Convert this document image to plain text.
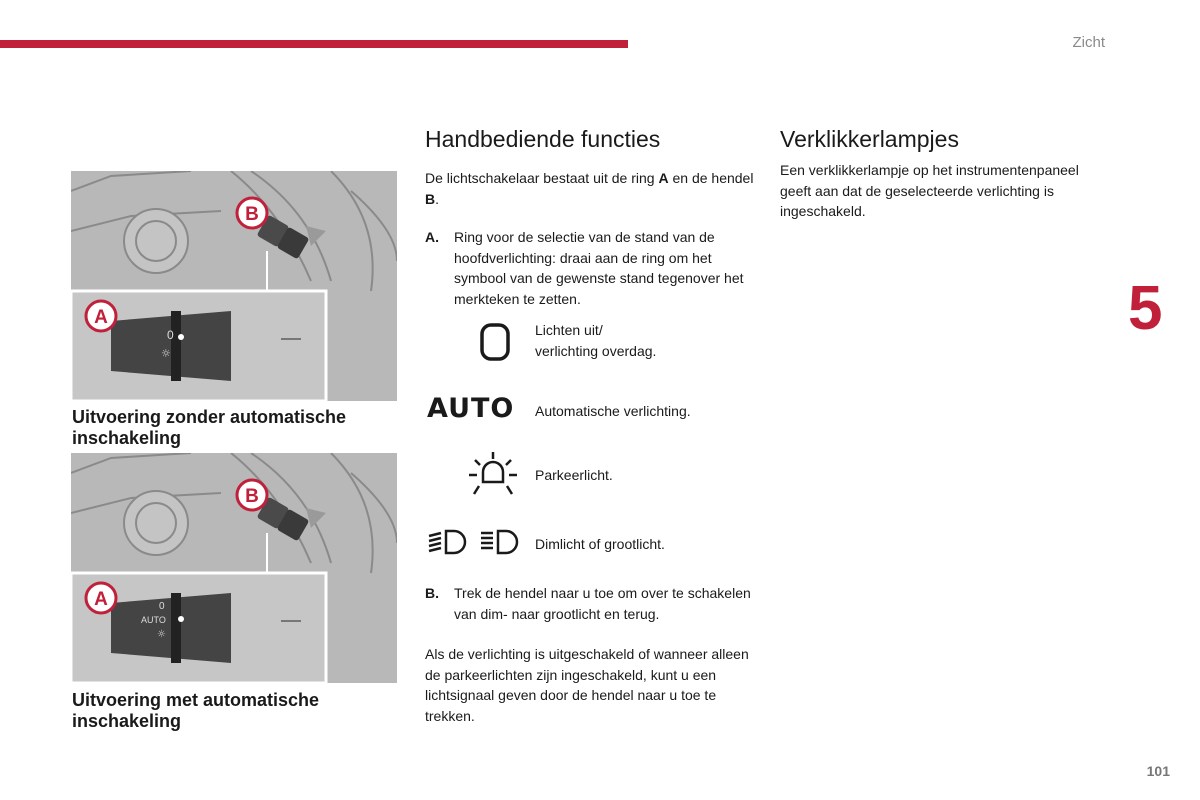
Zicht
5
101
B
0
☼
A
Uitvoering zonder automatische inschakeling
B
0
AUTO
☼
A
Uitvoering met automatische inschakeling
Handbediende functies
De lichtschakelaar bestaat uit de ring A en de hendel B.
A. Ring voor de selectie van de stand van de hoofdverlichting: draai aan de ring om het symbool van de gewenste stand tegenover het merkteken te zetten.
Lichten uit/
verlichting overdag.
AUTO Automatische verlichting.
Parkeerlicht.
Dimlicht of grootlicht.
B. Trek de hendel naar u toe om over te schakelen van dim- naar grootlicht en terug.
Als de verlichting is uitgeschakeld of wanneer alleen de parkeerlichten zijn ingeschakeld, kunt u een lichtsignaal geven door de hendel naar u toe te trekken.
Verklikkerlampjes
Een verklikkerlampje op het instrumentenpaneel geeft aan dat de geselecteerde verlichting is ingeschakeld.
